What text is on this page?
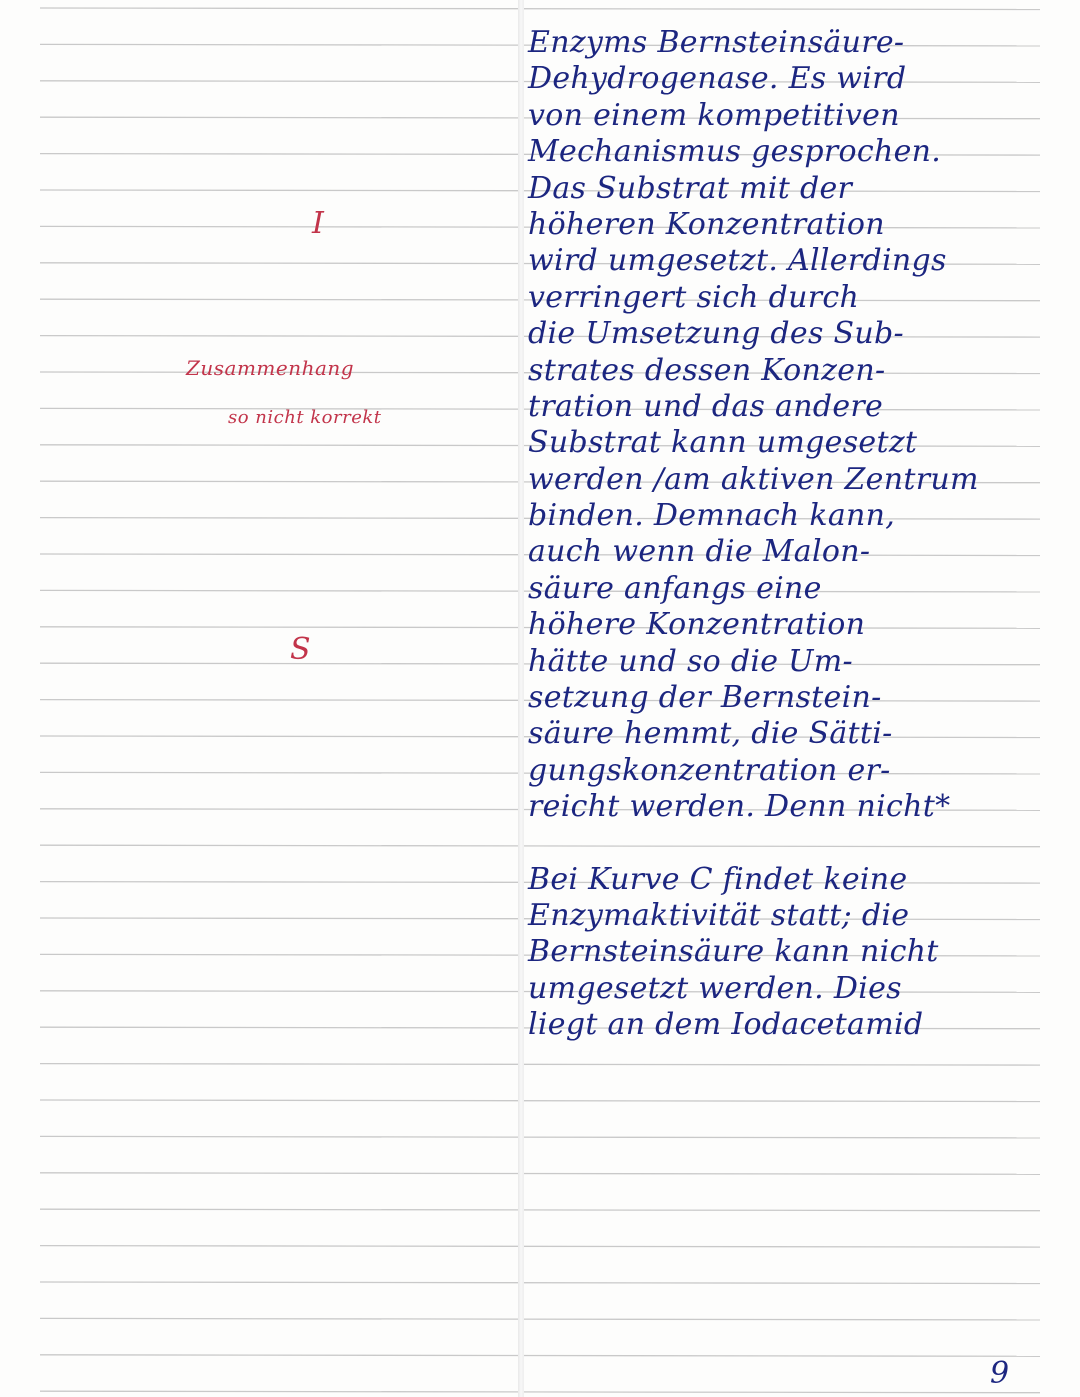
I
Zusammenhang
so nicht korrekt
S
Enzyms Bernsteinsäure-
Dehydrogenase. Es wird
von einem kompetitiven
Mechanismus gesprochen.
Das Substrat mit der
höheren Konzentration
wird umgesetzt. Allerdings
verringert sich durch
die Umsetzung des Sub-
strates dessen Konzen-
tration und das andere
Substrat kann umgesetzt
werden /am aktiven Zentrum
binden. Demnach kann,
auch wenn die Malon-
säure anfangs eine
höhere Konzentration
hätte und so die Um-
setzung der Bernstein-
säure hemmt, die Sätti-
gungskonzentration er-
reicht werden. Denn nicht*
Bei Kurve C findet keine
Enzymaktivität statt; die
Bernsteinsäure kann nicht
umgesetzt werden. Dies
liegt an dem Iodacetamid
9
